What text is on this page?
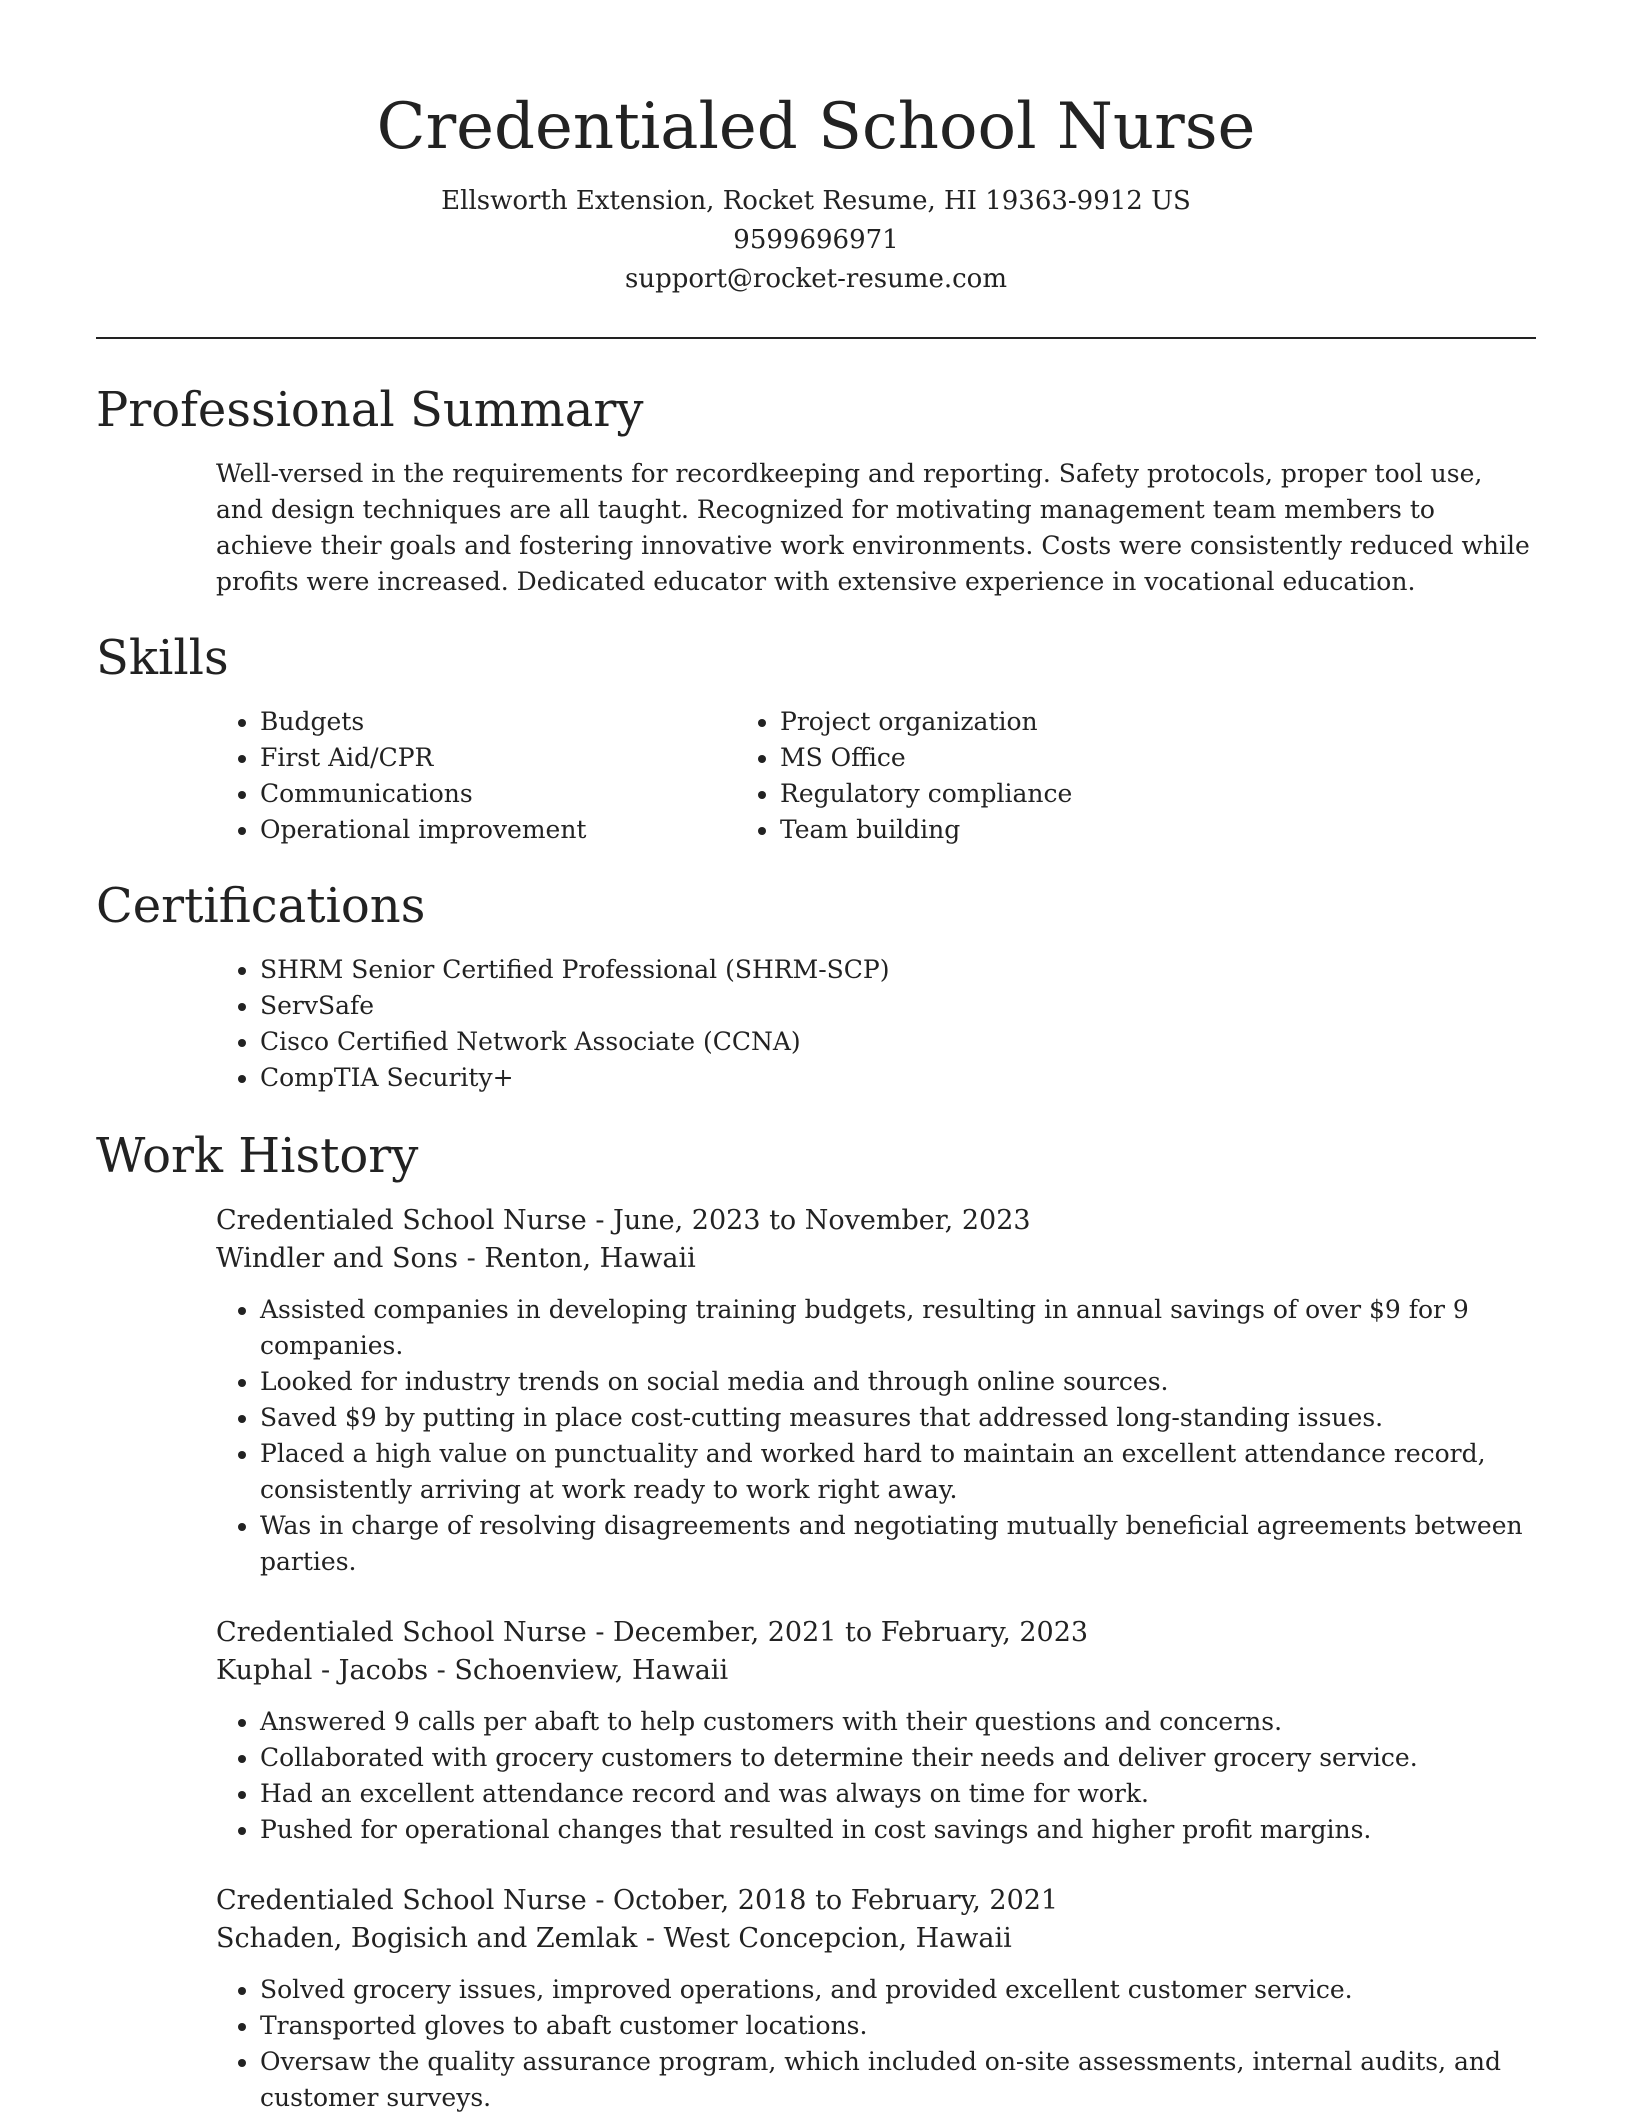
Credentialed School Nurse

Ellsworth Extension, Rocket Resume, HI 19363-9912 US

9599696971

support@rocket-resume.com

Professional Summary

Well-versed in the requirements for recordkeeping and reporting. Safety protocols, proper tool use, and design techniques are all taught. Recognized for motivating management team members to achieve their goals and fostering innovative work environments. Costs were consistently reduced while profits were increased. Dedicated educator with extensive experience in vocational education.

Skills
• Budgets
• First Aid/CPR
• Communications
• Operational improvement
• Project organization
• MS Office
• Regulatory compliance
• Team building
Certifications
• SHRM Senior Certified Professional (SHRM-SCP)
• ServSafe
• Cisco Certified Network Associate (CCNA)
• CompTIA Security+
Work History

Credentialed School Nurse - June, 2023 to November, 2023

Windler and Sons - Renton, Hawaii

• Assisted companies in developing training budgets, resulting in annual savings of over $9 for 9 companies.
• Looked for industry trends on social media and through online sources.
• Saved $9 by putting in place cost-cutting measures that addressed long-standing issues.
• Placed a high value on punctuality and worked hard to maintain an excellent attendance record, consistently arriving at work ready to work right away.
• Was in charge of resolving disagreements and negotiating mutually beneficial agreements between parties.

Credentialed School Nurse - December, 2021 to February, 2023

Kuphal - Jacobs - Schoenview, Hawaii

• Answered 9 calls per abaft to help customers with their questions and concerns.
• Collaborated with grocery customers to determine their needs and deliver grocery service.
• Had an excellent attendance record and was always on time for work.
• Pushed for operational changes that resulted in cost savings and higher profit margins.

Credentialed School Nurse - October, 2018 to February, 2021

Schaden, Bogisich and Zemlak - West Concepcion, Hawaii

• Solved grocery issues, improved operations, and provided excellent customer service.
• Transported gloves to abaft customer locations.
• Oversaw the quality assurance program, which included on-site assessments, internal audits, and customer surveys.
